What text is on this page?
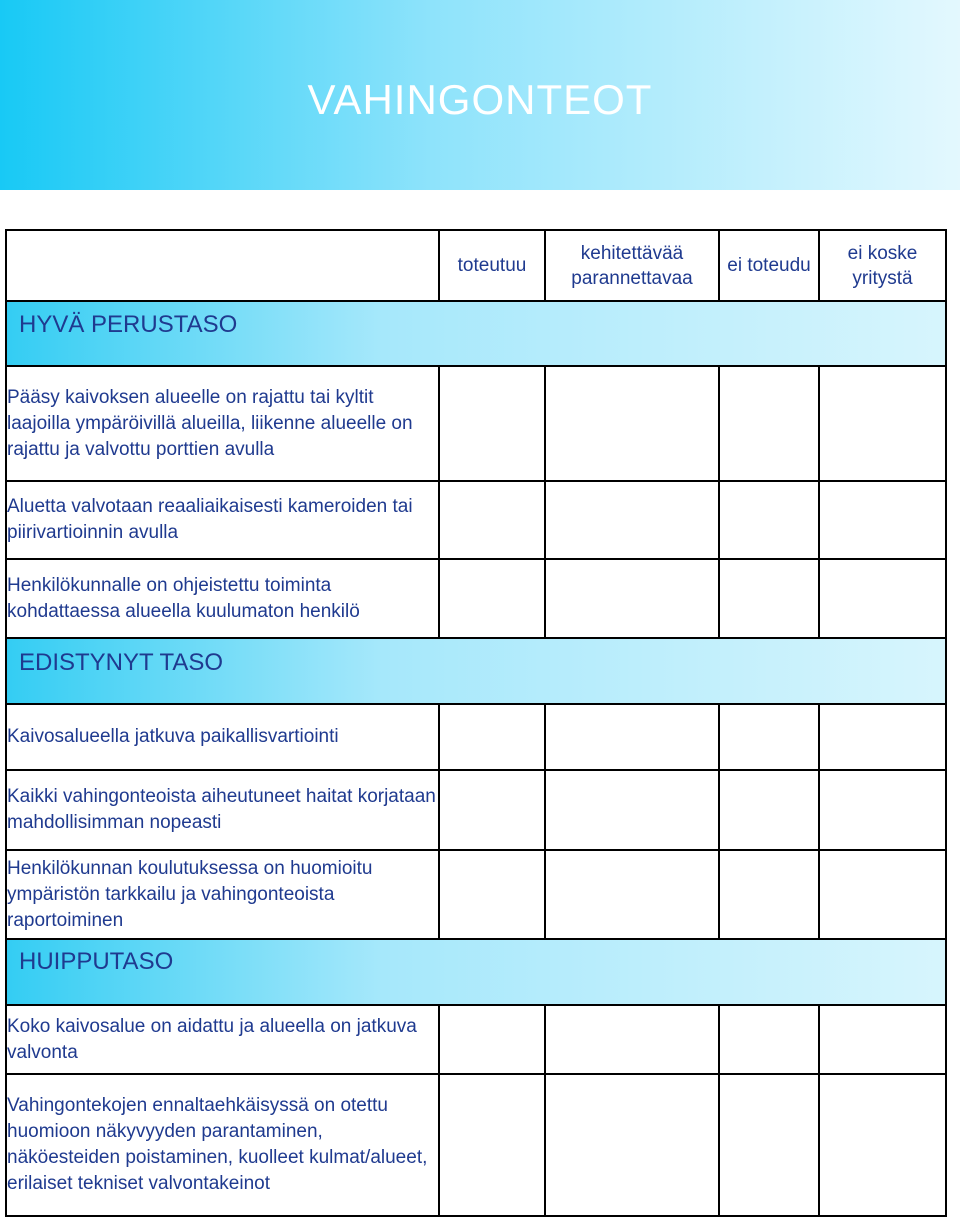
VAHINGONTEOT
	toteutuu	kehitettävää parannettavaa	ei toteudu	ei koske yritystä
HYVÄ PERUSTASO				
Pääsy kaivoksen alueelle on rajattu tai kyltit laajoilla ympäröivillä alueilla, liikenne alueelle on rajattu ja valvottu porttien avulla				
Aluetta valvotaan reaaliaikaisesti kameroiden tai piirivartioinnin avulla				
Henkilökunnalle on ohjeistettu toiminta kohdattaessa alueella kuulumaton henkilö				
EDISTYNYT TASO				
Kaivosalueella jatkuva paikallisvartiointi				
Kaikki vahingonteoista aiheutuneet haitat korjataan mahdollisimman nopeasti				
Henkilökunnan koulutuksessa on huomioitu ympäristön tarkkailu ja vahingonteoista raportoiminen				
HUIPPUTASO				
Koko kaivosalue on aidattu ja alueella on jatkuva valvonta				
Vahingontekojen ennaltaehkäisyssä on otettu huomioon näkyvyyden parantaminen, näköesteiden poistaminen, kuolleet kulmat/alueet, erilaiset tekniset valvontakeinot				
